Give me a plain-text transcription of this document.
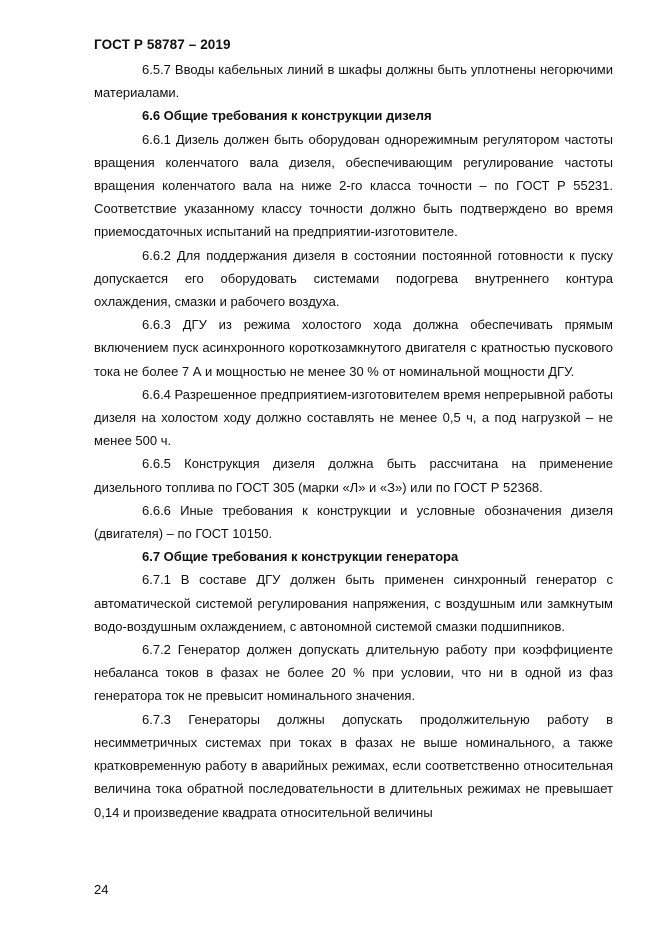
ГОСТ Р 58787 – 2019

6.5.7 Вводы кабельных линий в шкафы должны быть уплотнены негорючими материалами.

6.6 Общие требования к конструкции дизеля

6.6.1 Дизель должен быть оборудован однорежимным регулятором частоты вращения коленчатого вала дизеля, обеспечивающим регулирование частоты вращения коленчатого вала на ниже 2-го класса точности – по ГОСТ Р 55231. Соответствие указанному классу точности должно быть подтверждено во время приемосдаточных испытаний на предприятии-изготовителе.

6.6.2 Для поддержания дизеля в состоянии постоянной готовности к пуску допускается его оборудовать системами подогрева внутреннего контура охлаждения, смазки и рабочего воздуха.

6.6.3 ДГУ из режима холостого хода должна обеспечивать прямым включением пуск асинхронного короткозамкнутого двигателя с кратностью пускового тока не более 7 А и мощностью не менее 30 % от номинальной мощности ДГУ.

6.6.4 Разрешенное предприятием-изготовителем время непрерывной работы дизеля на холостом ходу должно составлять не менее 0,5 ч, а под нагрузкой – не менее 500 ч.

6.6.5 Конструкция дизеля должна быть рассчитана на применение дизельного топлива по ГОСТ 305 (марки «Л» и «З») или по ГОСТ Р 52368.

6.6.6 Иные требования к конструкции и условные обозначения дизеля (двигателя) – по ГОСТ 10150.

6.7 Общие требования к конструкции генератора

6.7.1 В составе ДГУ должен быть применен синхронный генератор с автоматической системой регулирования напряжения, с воздушным или замкнутым водо-воздушным охлаждением, с автономной системой смазки подшипников.

6.7.2 Генератор должен допускать длительную работу при коэффициенте небаланса токов в фазах не более 20 % при условии, что ни в одной из фаз генератора ток не превысит номинального значения.

6.7.3 Генераторы должны допускать продолжительную работу в несимметричных системах при токах в фазах не выше номинального, а также кратковременную работу в аварийных режимах, если соответственно относительная величина тока обратной последовательности в длительных режимах не превышает 0,14 и произведение квадрата относительной величины

24
